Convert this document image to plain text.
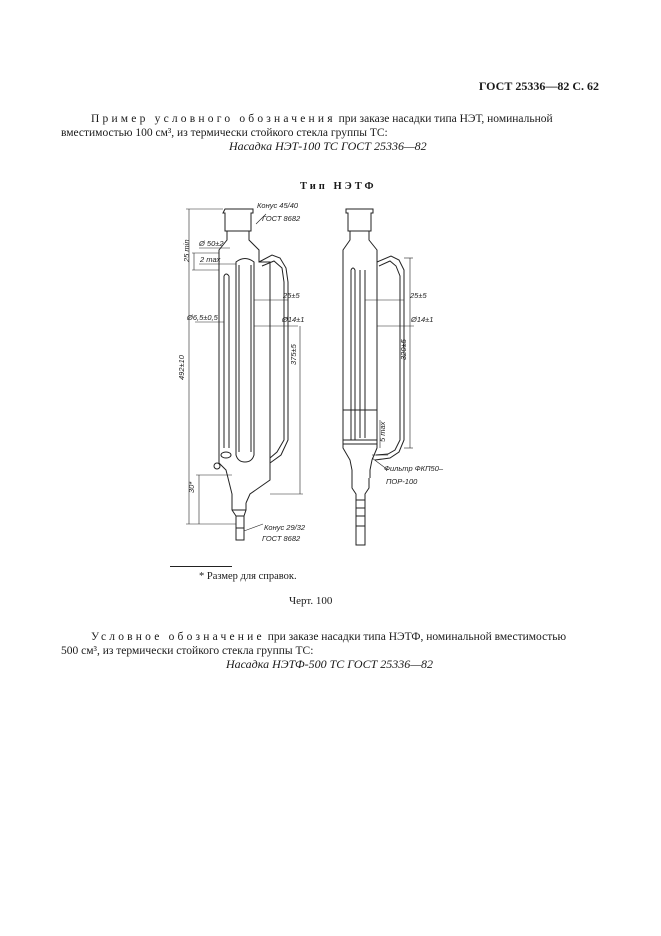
ГОСТ 25336—82 С. 62
Пример условного обозначения при заказе насадки типа НЭТ, номинальной
вместимостью 100 см³, из термически стойкого стекла группы ТС:
Насадка НЭТ-100 ТС ГОСТ 25336—82
Тип НЭТФ
Конус 45/40
ГОСТ 8682
Ø 50±2
2 max
25 min
25±5
Ø6,5±0,5	Ø14±1
492±10
375±5
30*
Конус 29/32
ГОСТ 8682
25±5
Ø14±1
320±5
5 max
Фильтр ФКП50–
ПОР-100
* Размер для справок.
Черт. 100
Условное обозначение при заказе насадки типа НЭТФ, номинальной вместимостью
500 см³, из термически стойкого стекла группы ТС:
Насадка НЭТФ-500 ТС ГОСТ 25336—82
